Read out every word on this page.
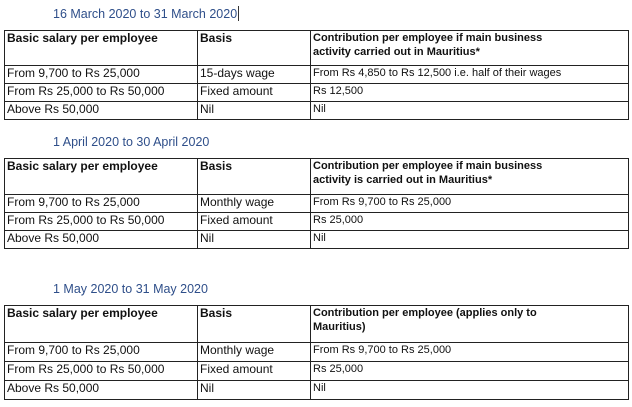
16 March 2020 to 31 March 2020
Basic salary per employee	Basis	Contribution per employee if main business
activity carried out in Mauritius*

From 9,700 to Rs 25,000	15-days wage	From Rs 4,850 to Rs 12,500 i.e. half of their wages
From Rs 25,000 to Rs 50,000	Fixed amount	Rs 12,500
Above Rs 50,000	Nil	Nil
1 April 2020 to 30 April 2020
Basic salary per employee	Basis	Contribution per employee if main business
activity is carried out in Mauritius*

From 9,700 to Rs 25,000	Monthly wage	From Rs 9,700 to Rs 25,000
From Rs 25,000 to Rs 50,000	Fixed amount	Rs 25,000
Above Rs 50,000	Nil	Nil
1 May 2020 to 31 May 2020
Basic salary per employee	Basis	Contribution per employee (applies only to
Mauritius)

From 9,700 to Rs 25,000	Monthly wage	From Rs 9,700 to Rs 25,000
From Rs 25,000 to Rs 50,000	Fixed amount	Rs 25,000
Above Rs 50,000	Nil	Nil
